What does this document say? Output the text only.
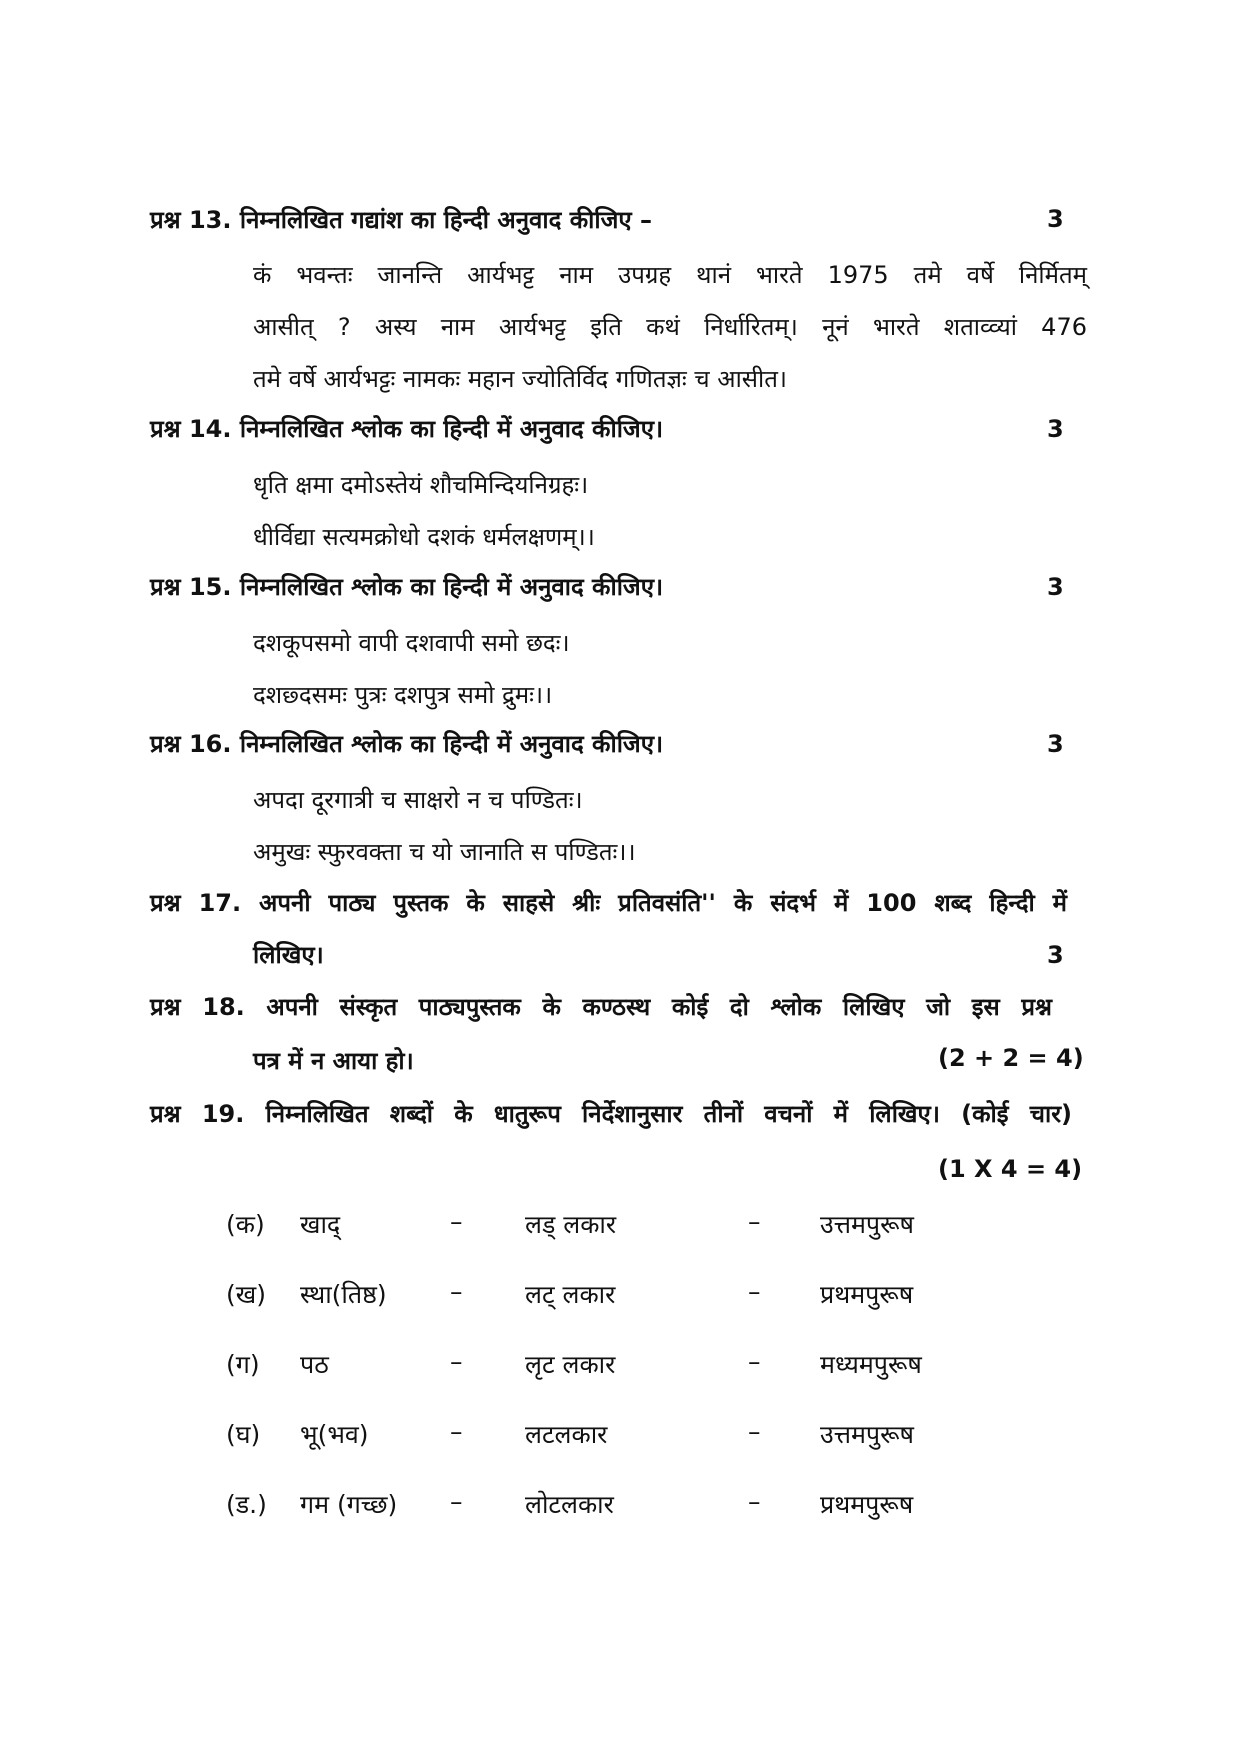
प्रश्न 13. निम्नलिखित गद्यांश का हिन्दी अनुवाद कीजिए –	3
कं भवन्तः जानन्ति आर्यभट्ट नाम उपग्रह थानं भारते 1975 तमे वर्षे निर्मितम्
आसीत् ? अस्य नाम आर्यभट्ट इति कथं निर्धारितम्। नूनं भारते शताव्व्यां 476
तमे वर्षे आर्यभट्टः नामकः महान ज्योतिर्विद गणितज्ञः च आसीत।
प्रश्न 14. निम्नलिखित श्लोक का हिन्दी में अनुवाद कीजिए।	3
धृति क्षमा दमोऽस्तेयं शौचमिन्दियनिग्रहः।
धीर्विद्या सत्यमक्रोधो दशकं धर्मलक्षणम्।।
प्रश्न 15. निम्नलिखित श्लोक का हिन्दी में अनुवाद कीजिए।	3
दशकूपसमो वापी दशवापी समो छदः।
दशछ्दसमः पुत्रः दशपुत्र समो द्रुमः।।
प्रश्न 16. निम्नलिखित श्लोक का हिन्दी में अनुवाद कीजिए।	3
अपदा दूरगात्री च साक्षरो न च पण्डितः।
अमुखः स्फुरवक्ता च यो जानाति स पण्डितः।।
प्रश्न 17. अपनी पाठ्य पुस्तक के साहसे श्रीः प्रतिवसंति'' के संदर्भ में 100 शब्द हिन्दी में
लिखिए।	3
प्रश्न 18. अपनी संस्कृत पाठ्यपुस्तक के कण्ठस्थ कोई दो श्लोक लिखिए जो इस प्रश्न
पत्र में न आया हो।	(2 + 2 = 4)
प्रश्न 19. निम्नलिखित शब्दों के धातुरूप निर्देशानुसार तीनों वचनों में लिखिए। (कोई चार)
(1 X 4 = 4)
(क) खाद्	–	लड् लकार	– उत्तमपुरूष
(ख) स्था(तिष्ठ)	–	लट् लकार	– प्रथमपुरूष
(ग) पठ	–	लृट लकार	– मध्यमपुरूष
(घ) भू(भव)	–	लटलकार	– उत्तमपुरूष
(ड.) गम (गच्छ) –	लोटलकार	– प्रथमपुरूष
